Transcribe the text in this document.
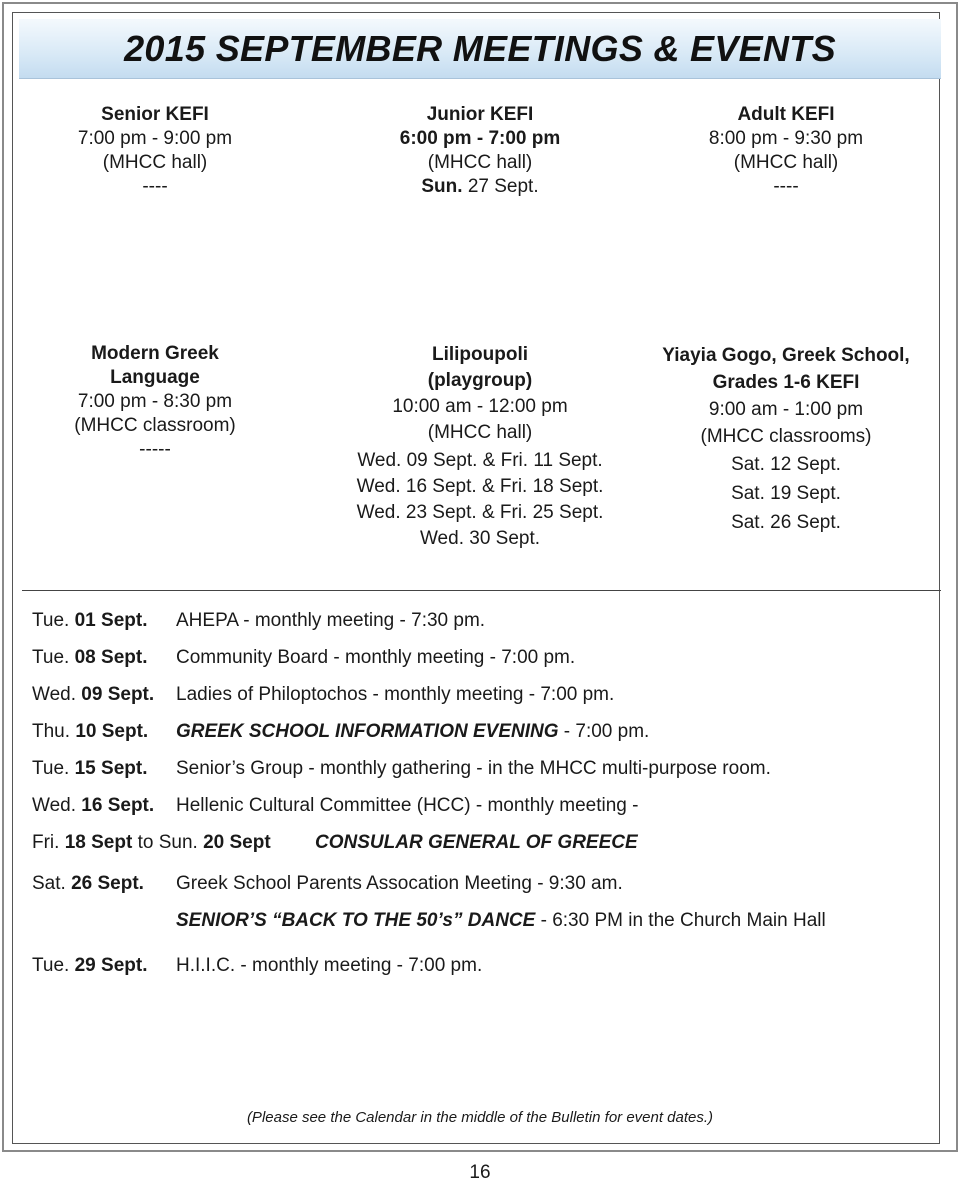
2015 SEPTEMBER MEETINGS & EVENTS
Senior KEFI
7:00 pm - 9:00 pm
(MHCC hall)
----
Junior KEFI
6:00 pm - 7:00 pm
(MHCC hall)
Sun. 27 Sept.
Adult KEFI
8:00 pm - 9:30 pm
(MHCC hall)
----
Modern Greek
Language
7:00 pm - 8:30 pm
(MHCC classroom)
-----
Lilipoupoli
(playgroup)
10:00 am - 12:00 pm
(MHCC hall)
Wed. 09 Sept. & Fri. 11 Sept.
Wed. 16 Sept. & Fri. 18 Sept.
Wed. 23 Sept. & Fri. 25 Sept.
Wed. 30 Sept.
Yiayia Gogo, Greek School,
Grades 1-6 KEFI
9:00 am - 1:00 pm
(MHCC classrooms)
Sat. 12 Sept.
Sat. 19 Sept.
Sat. 26 Sept.
Tue. 01 Sept. AHEPA - monthly meeting - 7:30 pm.
Tue. 08 Sept. Community Board - monthly meeting - 7:00 pm.
Wed. 09 Sept. Ladies of Philoptochos - monthly meeting - 7:00 pm.
Thu. 10 Sept. GREEK SCHOOL INFORMATION EVENING - 7:00 pm.
Tue. 15 Sept. Senior’s Group - monthly gathering - in the MHCC multi-purpose room.
Wed. 16 Sept. Hellenic Cultural Committee (HCC) - monthly meeting -
Fri. 18 Sept to Sun. 20 Sept CONSULAR GENERAL OF GREECE
Sat. 26 Sept. Greek School Parents Assocation Meeting - 9:30 am.
SENIOR’S “BACK TO THE 50’s” DANCE - 6:30 PM in the Church Main Hall
Tue. 29 Sept. H.I.I.C. - monthly meeting - 7:00 pm.
(Please see the Calendar in the middle of the Bulletin for event dates.)
16
